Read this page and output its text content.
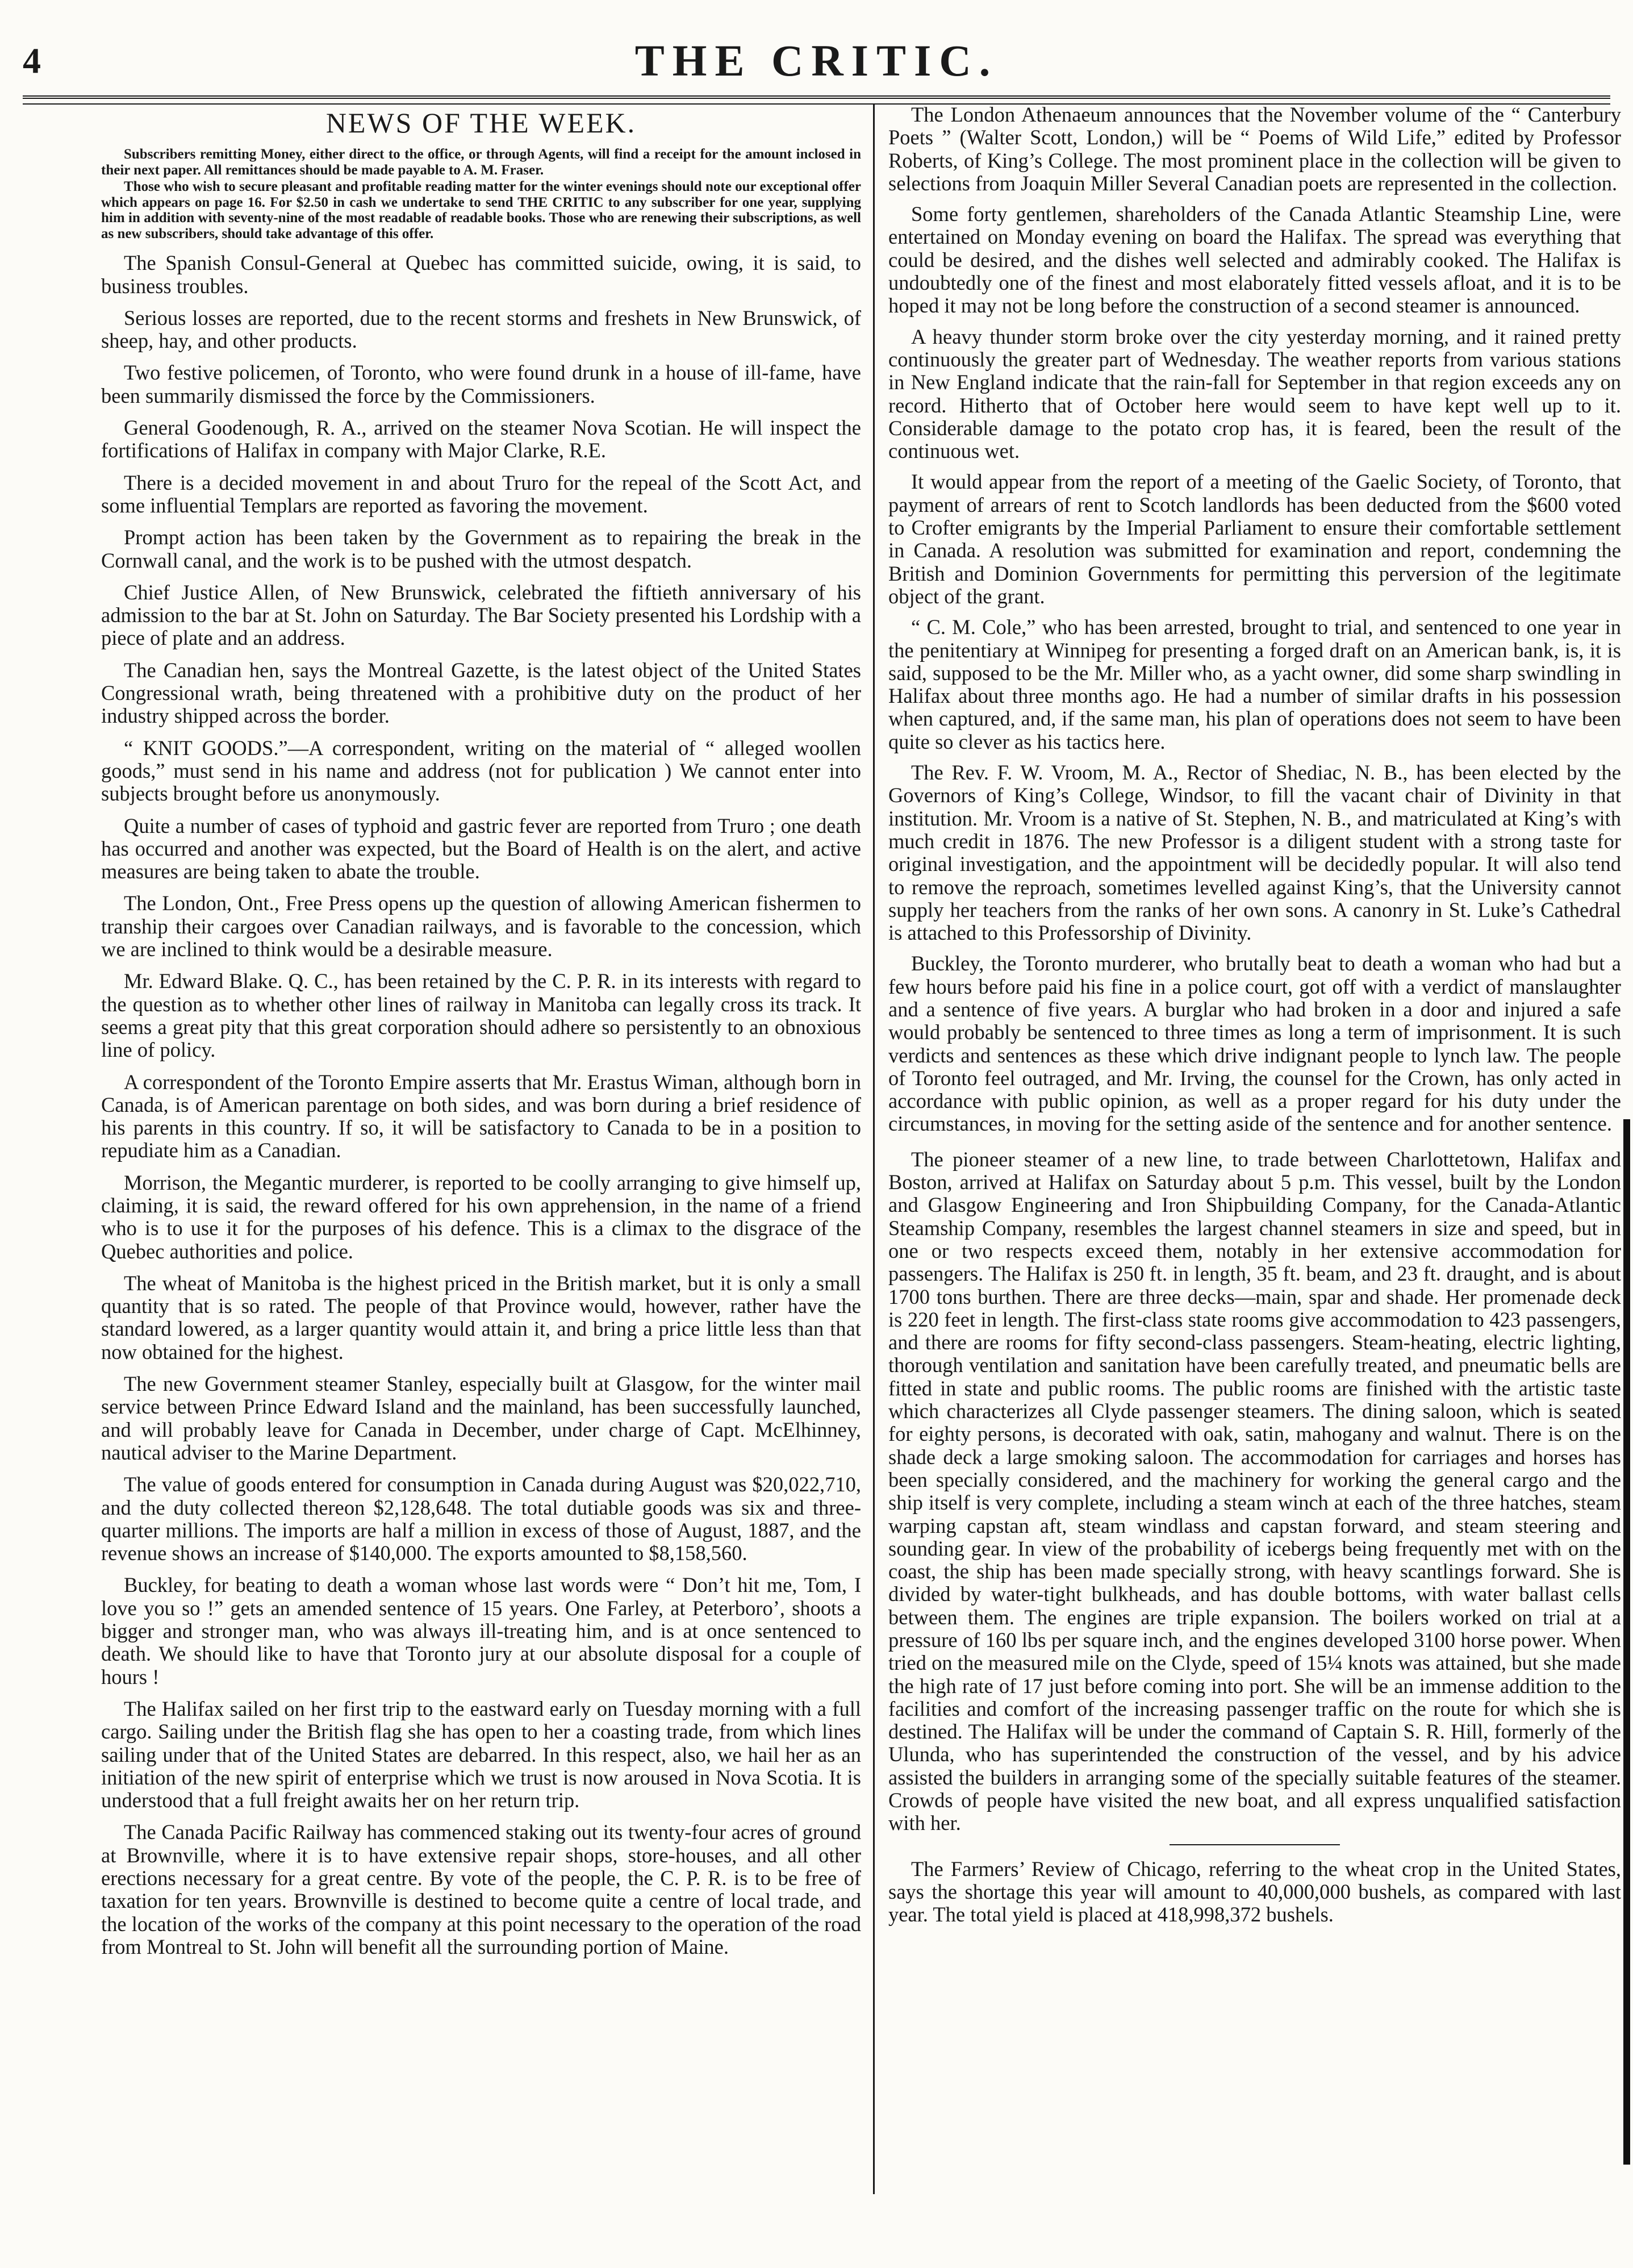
4	THE CRITIC.
NEWS OF THE WEEK.

Subscribers remitting Money, either direct to the office, or through Agents, will find a receipt for the amount inclosed in their next paper. All remittances should be made payable to A. M. Fraser.

Those who wish to secure pleasant and profitable reading matter for the winter evenings should note our exceptional offer which appears on page 16. For $2.50 in cash we undertake to send THE CRITIC to any subscriber for one year, supplying him in addition with seventy-nine of the most readable of readable books. Those who are renewing their subscriptions, as well as new subscribers, should take advantage of this offer.

The Spanish Consul-General at Quebec has committed suicide, owing, it is said, to business troubles.

Serious losses are reported, due to the recent storms and freshets in New Brunswick, of sheep, hay, and other products.

Two festive policemen, of Toronto, who were found drunk in a house of ill-fame, have been summarily dismissed the force by the Commissioners.

General Goodenough, R. A., arrived on the steamer Nova Scotian. He will inspect the fortifications of Halifax in company with Major Clarke, R.E.

There is a decided movement in and about Truro for the repeal of the Scott Act, and some influential Templars are reported as favoring the movement.

Prompt action has been taken by the Government as to repairing the break in the Cornwall canal, and the work is to be pushed with the utmost despatch.

Chief Justice Allen, of New Brunswick, celebrated the fiftieth anniversary of his admission to the bar at St. John on Saturday. The Bar Society presented his Lordship with a piece of plate and an address.

The Canadian hen, says the Montreal Gazette, is the latest object of the United States Congressional wrath, being threatened with a prohibitive duty on the product of her industry shipped across the border.

“ KNIT GOODS.”—A correspondent, writing on the material of “ alleged woollen goods,” must send in his name and address (not for publication ) We cannot enter into subjects brought before us anonymously.

Quite a number of cases of typhoid and gastric fever are reported from Truro ; one death has occurred and another was expected, but the Board of Health is on the alert, and active measures are being taken to abate the trouble.

The London, Ont., Free Press opens up the question of allowing American fishermen to tranship their cargoes over Canadian railways, and is favorable to the concession, which we are inclined to think would be a desirable measure.

Mr. Edward Blake. Q. C., has been retained by the C. P. R. in its interests with regard to the question as to whether other lines of railway in Manitoba can legally cross its track. It seems a great pity that this great corporation should adhere so persistently to an obnoxious line of policy.

A correspondent of the Toronto Empire asserts that Mr. Erastus Wiman, although born in Canada, is of American parentage on both sides, and was born during a brief residence of his parents in this country. If so, it will be satisfactory to Canada to be in a position to repudiate him as a Canadian.

Morrison, the Megantic murderer, is reported to be coolly arranging to give himself up, claiming, it is said, the reward offered for his own apprehension, in the name of a friend who is to use it for the purposes of his defence. This is a climax to the disgrace of the Quebec authorities and police.

The wheat of Manitoba is the highest priced in the British market, but it is only a small quantity that is so rated. The people of that Province would, however, rather have the standard lowered, as a larger quantity would attain it, and bring a price little less than that now obtained for the highest.

The new Government steamer Stanley, especially built at Glasgow, for the winter mail service between Prince Edward Island and the mainland, has been successfully launched, and will probably leave for Canada in December, under charge of Capt. McElhinney, nautical adviser to the Marine Department.

The value of goods entered for consumption in Canada during August was $20,022,710, and the duty collected thereon $2,128,648. The total dutiable goods was six and three-quarter millions. The imports are half a million in excess of those of August, 1887, and the revenue shows an increase of $140,000. The exports amounted to $8,158,560.

Buckley, for beating to death a woman whose last words were “ Don’t hit me, Tom, I love you so !” gets an amended sentence of 15 years. One Farley, at Peterboro’, shoots a bigger and stronger man, who was always ill-treating him, and is at once sentenced to death. We should like to have that Toronto jury at our absolute disposal for a couple of hours !

The Halifax sailed on her first trip to the eastward early on Tuesday morning with a full cargo. Sailing under the British flag she has open to her a coasting trade, from which lines sailing under that of the United States are debarred. In this respect, also, we hail her as an initiation of the new spirit of enterprise which we trust is now aroused in Nova Scotia. It is understood that a full freight awaits her on her return trip.

The Canada Pacific Railway has commenced staking out its twenty-four acres of ground at Brownville, where it is to have extensive repair shops, store-houses, and all other erections necessary for a great centre. By vote of the people, the C. P. R. is to be free of taxation for ten years. Brownville is destined to become quite a centre of local trade, and the location of the works of the company at this point necessary to the operation of the road from Montreal to St. John will benefit all the surrounding portion of Maine.

The London Athenaeum announces that the November volume of the “ Canterbury Poets ” (Walter Scott, London,) will be “ Poems of Wild Life,” edited by Professor Roberts, of King’s College. The most prominent place in the collection will be given to selections from Joaquin Miller Several Canadian poets are represented in the collection.

Some forty gentlemen, shareholders of the Canada Atlantic Steamship Line, were entertained on Monday evening on board the Halifax. The spread was everything that could be desired, and the dishes well selected and admirably cooked. The Halifax is undoubtedly one of the finest and most elaborately fitted vessels afloat, and it is to be hoped it may not be long before the construction of a second steamer is announced.

A heavy thunder storm broke over the city yesterday morning, and it rained pretty continuously the greater part of Wednesday. The weather reports from various stations in New England indicate that the rain-fall for September in that region exceeds any on record. Hitherto that of October here would seem to have kept well up to it. Considerable damage to the potato crop has, it is feared, been the result of the continuous wet.

It would appear from the report of a meeting of the Gaelic Society, of Toronto, that payment of arrears of rent to Scotch landlords has been deducted from the $600 voted to Crofter emigrants by the Imperial Parliament to ensure their comfortable settlement in Canada. A resolution was submitted for examination and report, condemning the British and Dominion Governments for permitting this perversion of the legitimate object of the grant.

“ C. M. Cole,” who has been arrested, brought to trial, and sentenced to one year in the penitentiary at Winnipeg for presenting a forged draft on an American bank, is, it is said, supposed to be the Mr. Miller who, as a yacht owner, did some sharp swindling in Halifax about three months ago. He had a number of similar drafts in his possession when captured, and, if the same man, his plan of operations does not seem to have been quite so clever as his tactics here.

The Rev. F. W. Vroom, M. A., Rector of Shediac, N. B., has been elected by the Governors of King’s College, Windsor, to fill the vacant chair of Divinity in that institution. Mr. Vroom is a native of St. Stephen, N. B., and matriculated at King’s with much credit in 1876. The new Professor is a diligent student with a strong taste for original investigation, and the appointment will be decidedly popular. It will also tend to remove the reproach, sometimes levelled against King’s, that the University cannot supply her teachers from the ranks of her own sons. A canonry in St. Luke’s Cathedral is attached to this Professorship of Divinity.

Buckley, the Toronto murderer, who brutally beat to death a woman who had but a few hours before paid his fine in a police court, got off with a verdict of manslaughter and a sentence of five years. A burglar who had broken in a door and injured a safe would probably be sentenced to three times as long a term of imprisonment. It is such verdicts and sentences as these which drive indignant people to lynch law. The people of Toronto feel outraged, and Mr. Irving, the counsel for the Crown, has only acted in accordance with public opinion, as well as a proper regard for his duty under the circumstances, in moving for the setting aside of the sentence and for another sentence.

The pioneer steamer of a new line, to trade between Charlottetown, Halifax and Boston, arrived at Halifax on Saturday about 5 p.m. This vessel, built by the London and Glasgow Engineering and Iron Shipbuilding Company, for the Canada-Atlantic Steamship Company, resembles the largest channel steamers in size and speed, but in one or two respects exceed them, notably in her extensive accommodation for passengers. The Halifax is 250 ft. in length, 35 ft. beam, and 23 ft. draught, and is about 1700 tons burthen. There are three decks—main, spar and shade. Her promenade deck is 220 feet in length. The first-class state rooms give accommodation to 423 passengers, and there are rooms for fifty second-class passengers. Steam-heating, electric lighting, thorough ventilation and sanitation have been carefully treated, and pneumatic bells are fitted in state and public rooms. The public rooms are finished with the artistic taste which characterizes all Clyde passenger steamers. The dining saloon, which is seated for eighty persons, is decorated with oak, satin, mahogany and walnut. There is on the shade deck a large smoking saloon. The accommodation for carriages and horses has been specially considered, and the machinery for working the general cargo and the ship itself is very complete, including a steam winch at each of the three hatches, steam warping capstan aft, steam windlass and capstan forward, and steam steering and sounding gear. In view of the probability of icebergs being frequently met with on the coast, the ship has been made specially strong, with heavy scantlings forward. She is divided by water-tight bulkheads, and has double bottoms, with water ballast cells between them. The engines are triple expansion. The boilers worked on trial at a pressure of 160 lbs per square inch, and the engines developed 3100 horse power. When tried on the measured mile on the Clyde, speed of 15¼ knots was attained, but she made the high rate of 17 just before coming into port. She will be an immense addition to the facilities and comfort of the increasing passenger traffic on the route for which she is destined. The Halifax will be under the command of Captain S. R. Hill, formerly of the Ulunda, who has superintended the construction of the vessel, and by his advice assisted the builders in arranging some of the specially suitable features of the steamer. Crowds of people have visited the new boat, and all express unqualified satisfaction with her.

The Farmers’ Review of Chicago, referring to the wheat crop in the United States, says the shortage this year will amount to 40,000,000 bushels, as compared with last year. The total yield is placed at 418,998,372 bushels.
